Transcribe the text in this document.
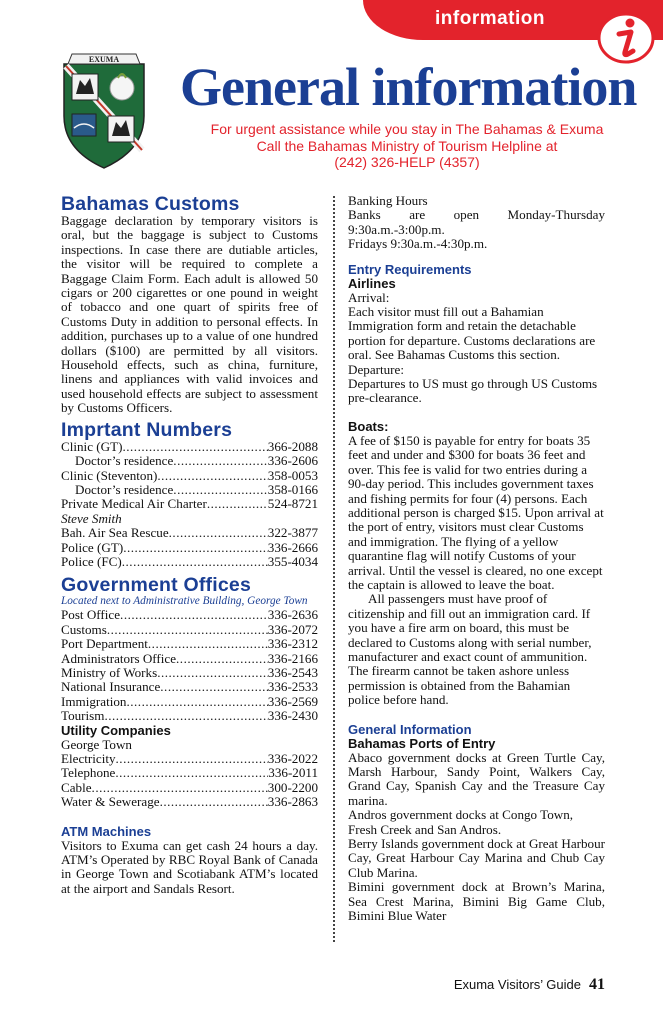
information
EXUMA General information
For urgent assistance while you stay in The Bahamas & Exuma
Call the Bahamas Ministry of Tourism Helpline at
(242) 326-HELP (4357)
Bahamas Customs
Baggage declaration by temporary visitors is oral, but the baggage is subject to Customs inspections. In case there are dutiable articles, the visitor will be required to complete a Baggage Claim Form. Each adult is allowed 50 cigars or 200 cigarettes or one pound in weight of tobacco and one quart of spirits free of Customs Duty in addition to personal effects. In addition, purchases up to a value of one hundred dollars ($100) are permitted by all visitors. Household effects, such as china, furniture, linens and appliances with valid invoices and used household effects are subject to assessment by Customs Officers.
Imprtant Numbers
Clinic (GT) .....	366-2088
Doctor’s residence .....	336-2606
Clinic (Steventon) .....	358-0053
Doctor’s residence .....	358-0166
Private Medical Air Charter .....	524-8721
Steve Smith
Bah. Air Sea Rescue .....	322-3877
Police (GT) .....	336-2666
Police (FC) .....	355-4034
Government Offices
Located next to Administrative Building, George Town
Post Office .....	336-2636
Customs .....	336-2072
Port Department .....	336-2312
Administrators Office .....	336-2166
Ministry of Works .....	336-2543
National Insurance .....	336-2533
Immigration .....	336-2569
Tourism .....	336-2430
Utility Companies
George Town
Electricity .....	336-2022
Telephone .....	336-2011
Cable .....	300-2200
Water & Sewerage .....	336-2863
ATM Machines
Visitors to Exuma can get cash 24 hours a day. ATM’s Operated by RBC Royal Bank of Canada in George Town and Scotiabank ATM’s located at the airport and Sandals Resort.
Banking Hours
Banks are open Monday-Thursday
9:30a.m.-3:00p.m.
Fridays 9:30a.m.-4:30p.m.
Entry Requirements
Airlines
Arrival:
Each visitor must fill out a Bahamian Immigration form and retain the detachable portion for departure. Customs declarations are oral. See Bahamas Customs this section.
Departure:
Departures to US must go through US Customs pre-clearance.
Boats:
A fee of $150 is payable for entry for boats 35 feet and under and $300 for boats 36 feet and over. This fee is valid for two entries during a 90-day period. This includes government taxes and fishing permits for four (4) persons. Each additional person is charged $15. Upon arrival at the port of entry, visitors must clear Customs and immigration. The flying of a yellow quarantine flag will notify Customs of your arrival. Until the vessel is cleared, no one except the captain is allowed to leave the boat.
All passengers must have proof of citizenship and fill out an immigration card. If you have a fire arm on board, this must be declared to Customs along with serial number, manufacturer and exact count of ammunition. The firearm cannot be taken ashore unless permission is obtained from the Bahamian police before hand.
General Information
Bahamas Ports of Entry
Abaco government docks at Green Turtle Cay, Marsh Harbour, Sandy Point, Walkers Cay, Grand Cay, Spanish Cay and the Treasure Cay marina.
Andros government docks at Congo Town, Fresh Creek and San Andros.
Berry Islands government dock at Great Harbour Cay, Great Harbour Cay Marina and Chub Cay Club Marina.
Bimini government dock at Brown’s Marina, Sea Crest Marina, Bimini Big Game Club, Bimini Blue Water
Exuma Visitors’ Guide 41
